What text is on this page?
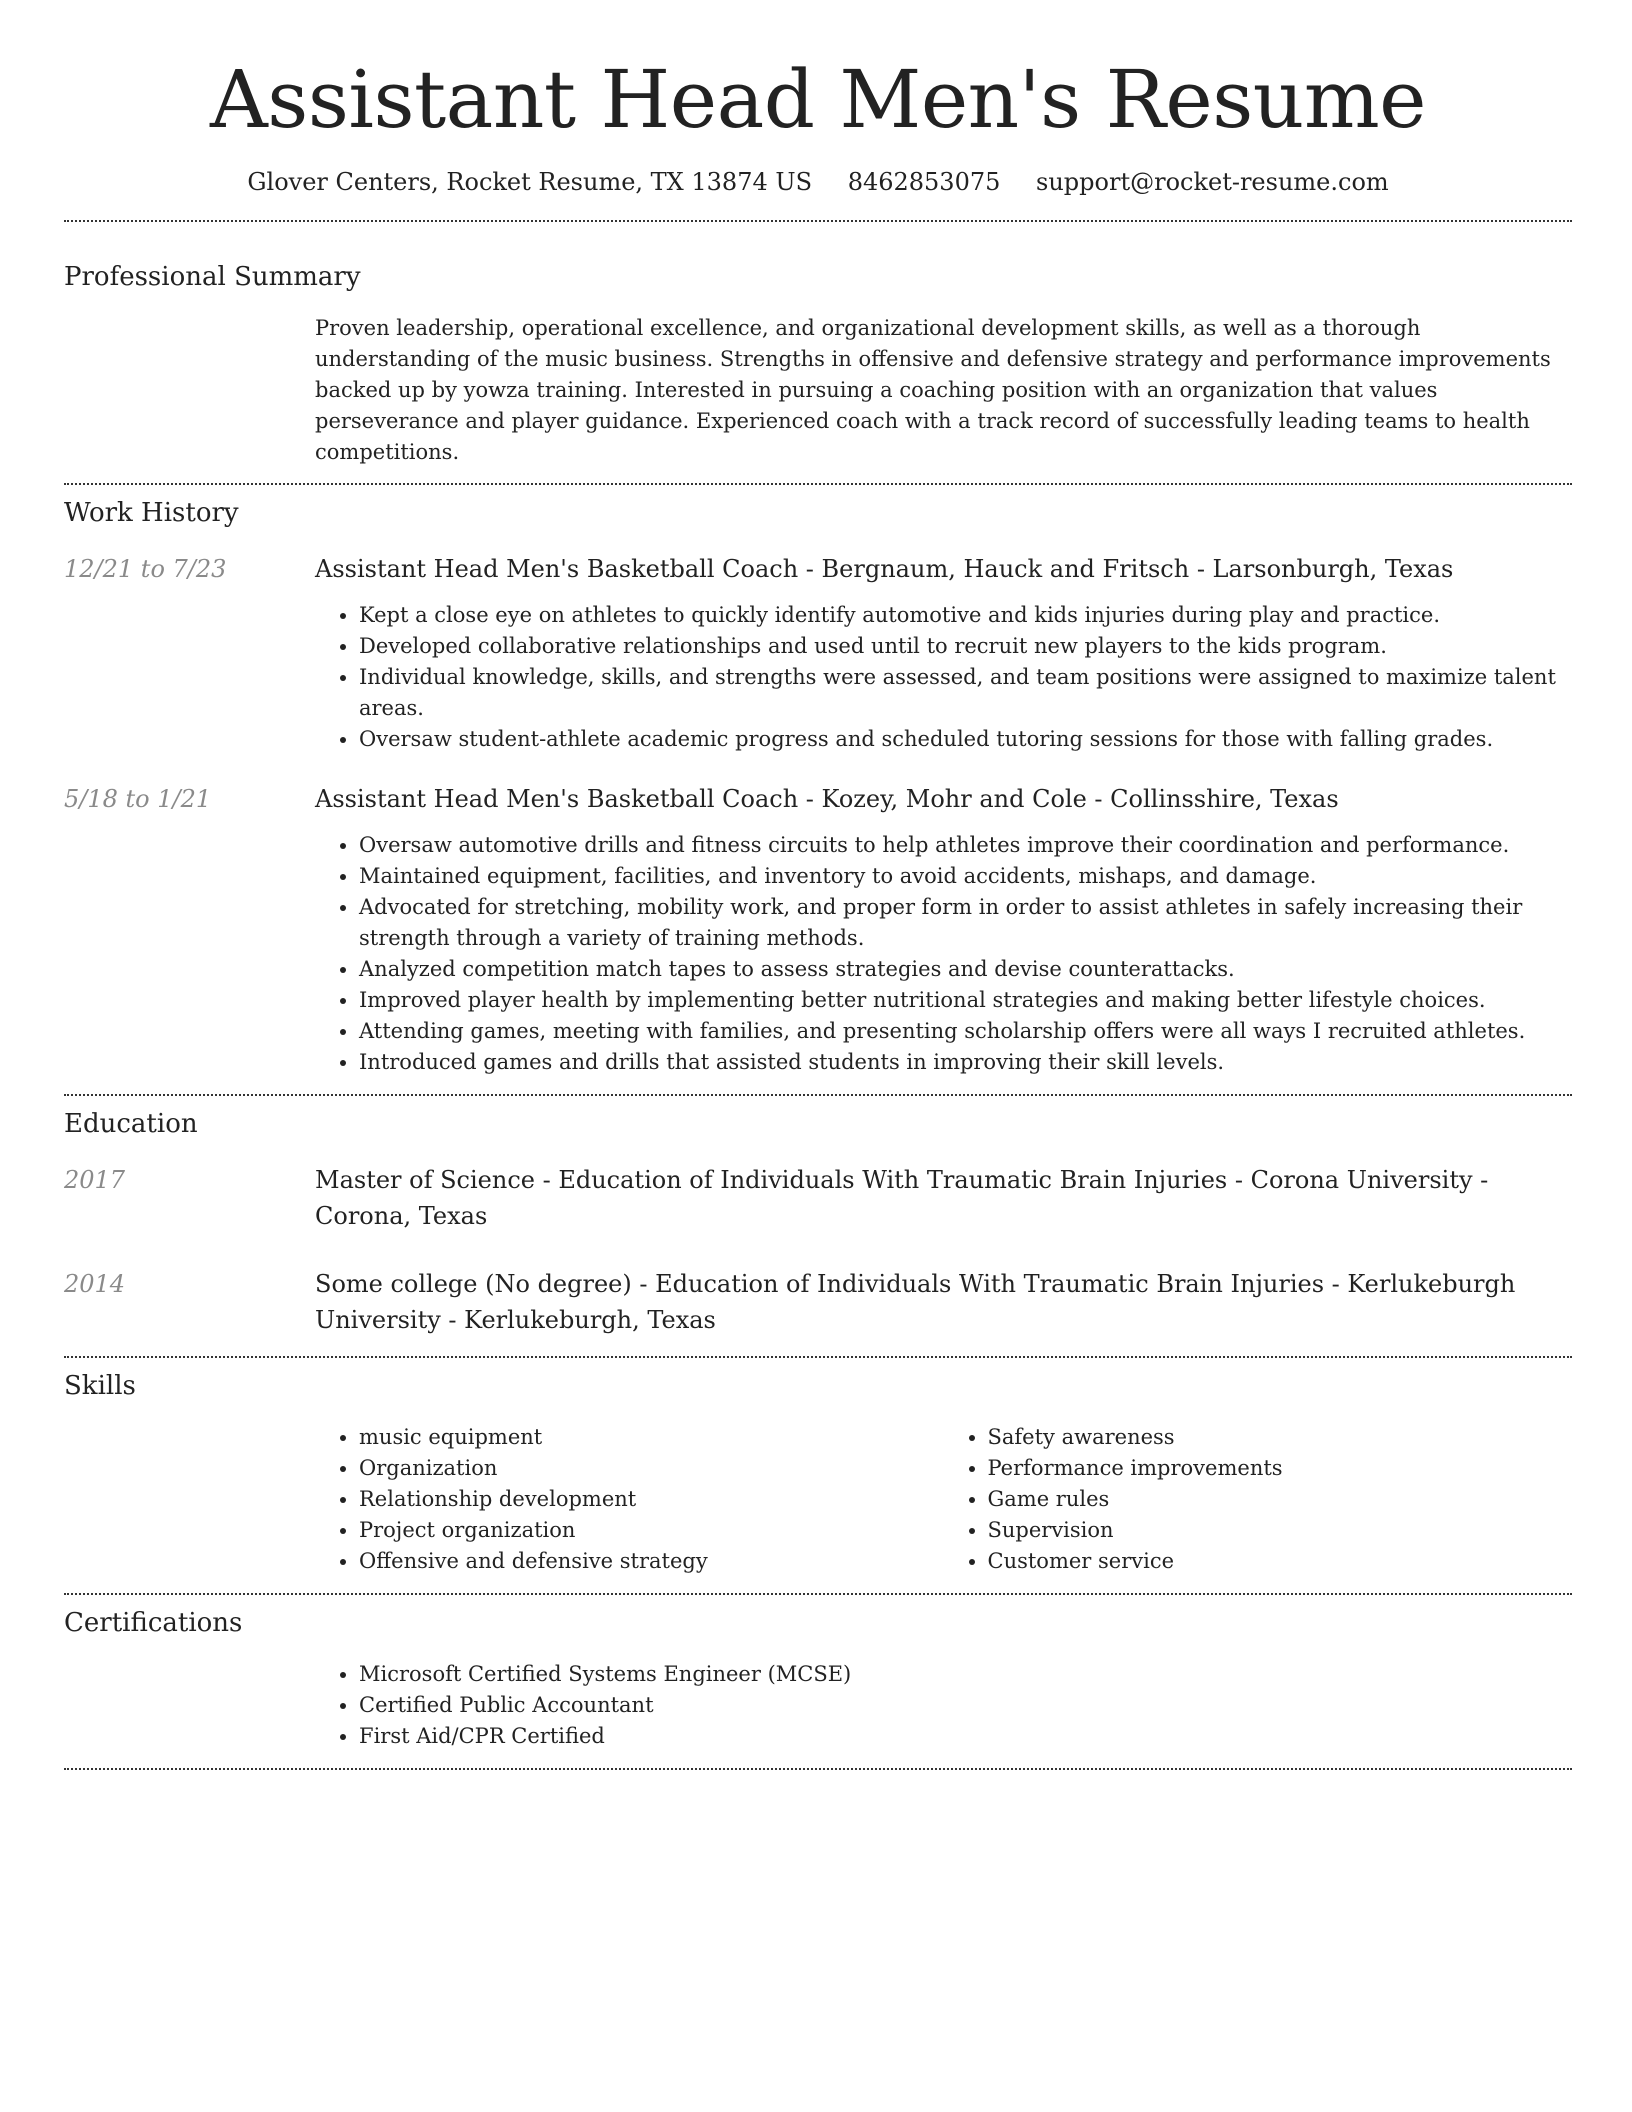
Assistant Head Men's Resume
Glover Centers, Rocket Resume, TX 13874 US 8462853075 support@rocket-resume.com
Professional Summary

Proven leadership, operational excellence, and organizational development skills, as well as a thorough understanding of the music business. Strengths in offensive and defensive strategy and performance improvements backed up by yowza training. Interested in pursuing a coaching position with an organization that values perseverance and player guidance. Experienced coach with a track record of successfully leading teams to health competitions.

Work History
12/21 to 7/23	Assistant Head Men's Basketball Coach - Bergnaum, Hauck and Fritsch - Larsonburgh, Texas
• Kept a close eye on athletes to quickly identify automotive and kids injuries during play and practice.
• Developed collaborative relationships and used until to recruit new players to the kids program.
• Individual knowledge, skills, and strengths were assessed, and team positions were assigned to maximize talent areas.
• Oversaw student-athlete academic progress and scheduled tutoring sessions for those with falling grades.
5/18 to 1/21	Assistant Head Men's Basketball Coach - Kozey, Mohr and Cole - Collinsshire, Texas
• Oversaw automotive drills and fitness circuits to help athletes improve their coordination and performance.
• Maintained equipment, facilities, and inventory to avoid accidents, mishaps, and damage.
• Advocated for stretching, mobility work, and proper form in order to assist athletes in safely increasing their strength through a variety of training methods.
• Analyzed competition match tapes to assess strategies and devise counterattacks.
• Improved player health by implementing better nutritional strategies and making better lifestyle choices.
• Attending games, meeting with families, and presenting scholarship offers were all ways I recruited athletes.
• Introduced games and drills that assisted students in improving their skill levels.
Education
2017	Master of Science - Education of Individuals With Traumatic Brain Injuries - Corona University - Corona, Texas
2014	Some college (No degree) - Education of Individuals With Traumatic Brain Injuries - Kerlukeburgh University - Kerlukeburgh, Texas
Skills
• music equipment
• Organization
• Relationship development
• Project organization
• Offensive and defensive strategy
• Safety awareness
• Performance improvements
• Game rules
• Supervision
• Customer service
Certifications
• Microsoft Certified Systems Engineer (MCSE)
• Certified Public Accountant
• First Aid/CPR Certified
